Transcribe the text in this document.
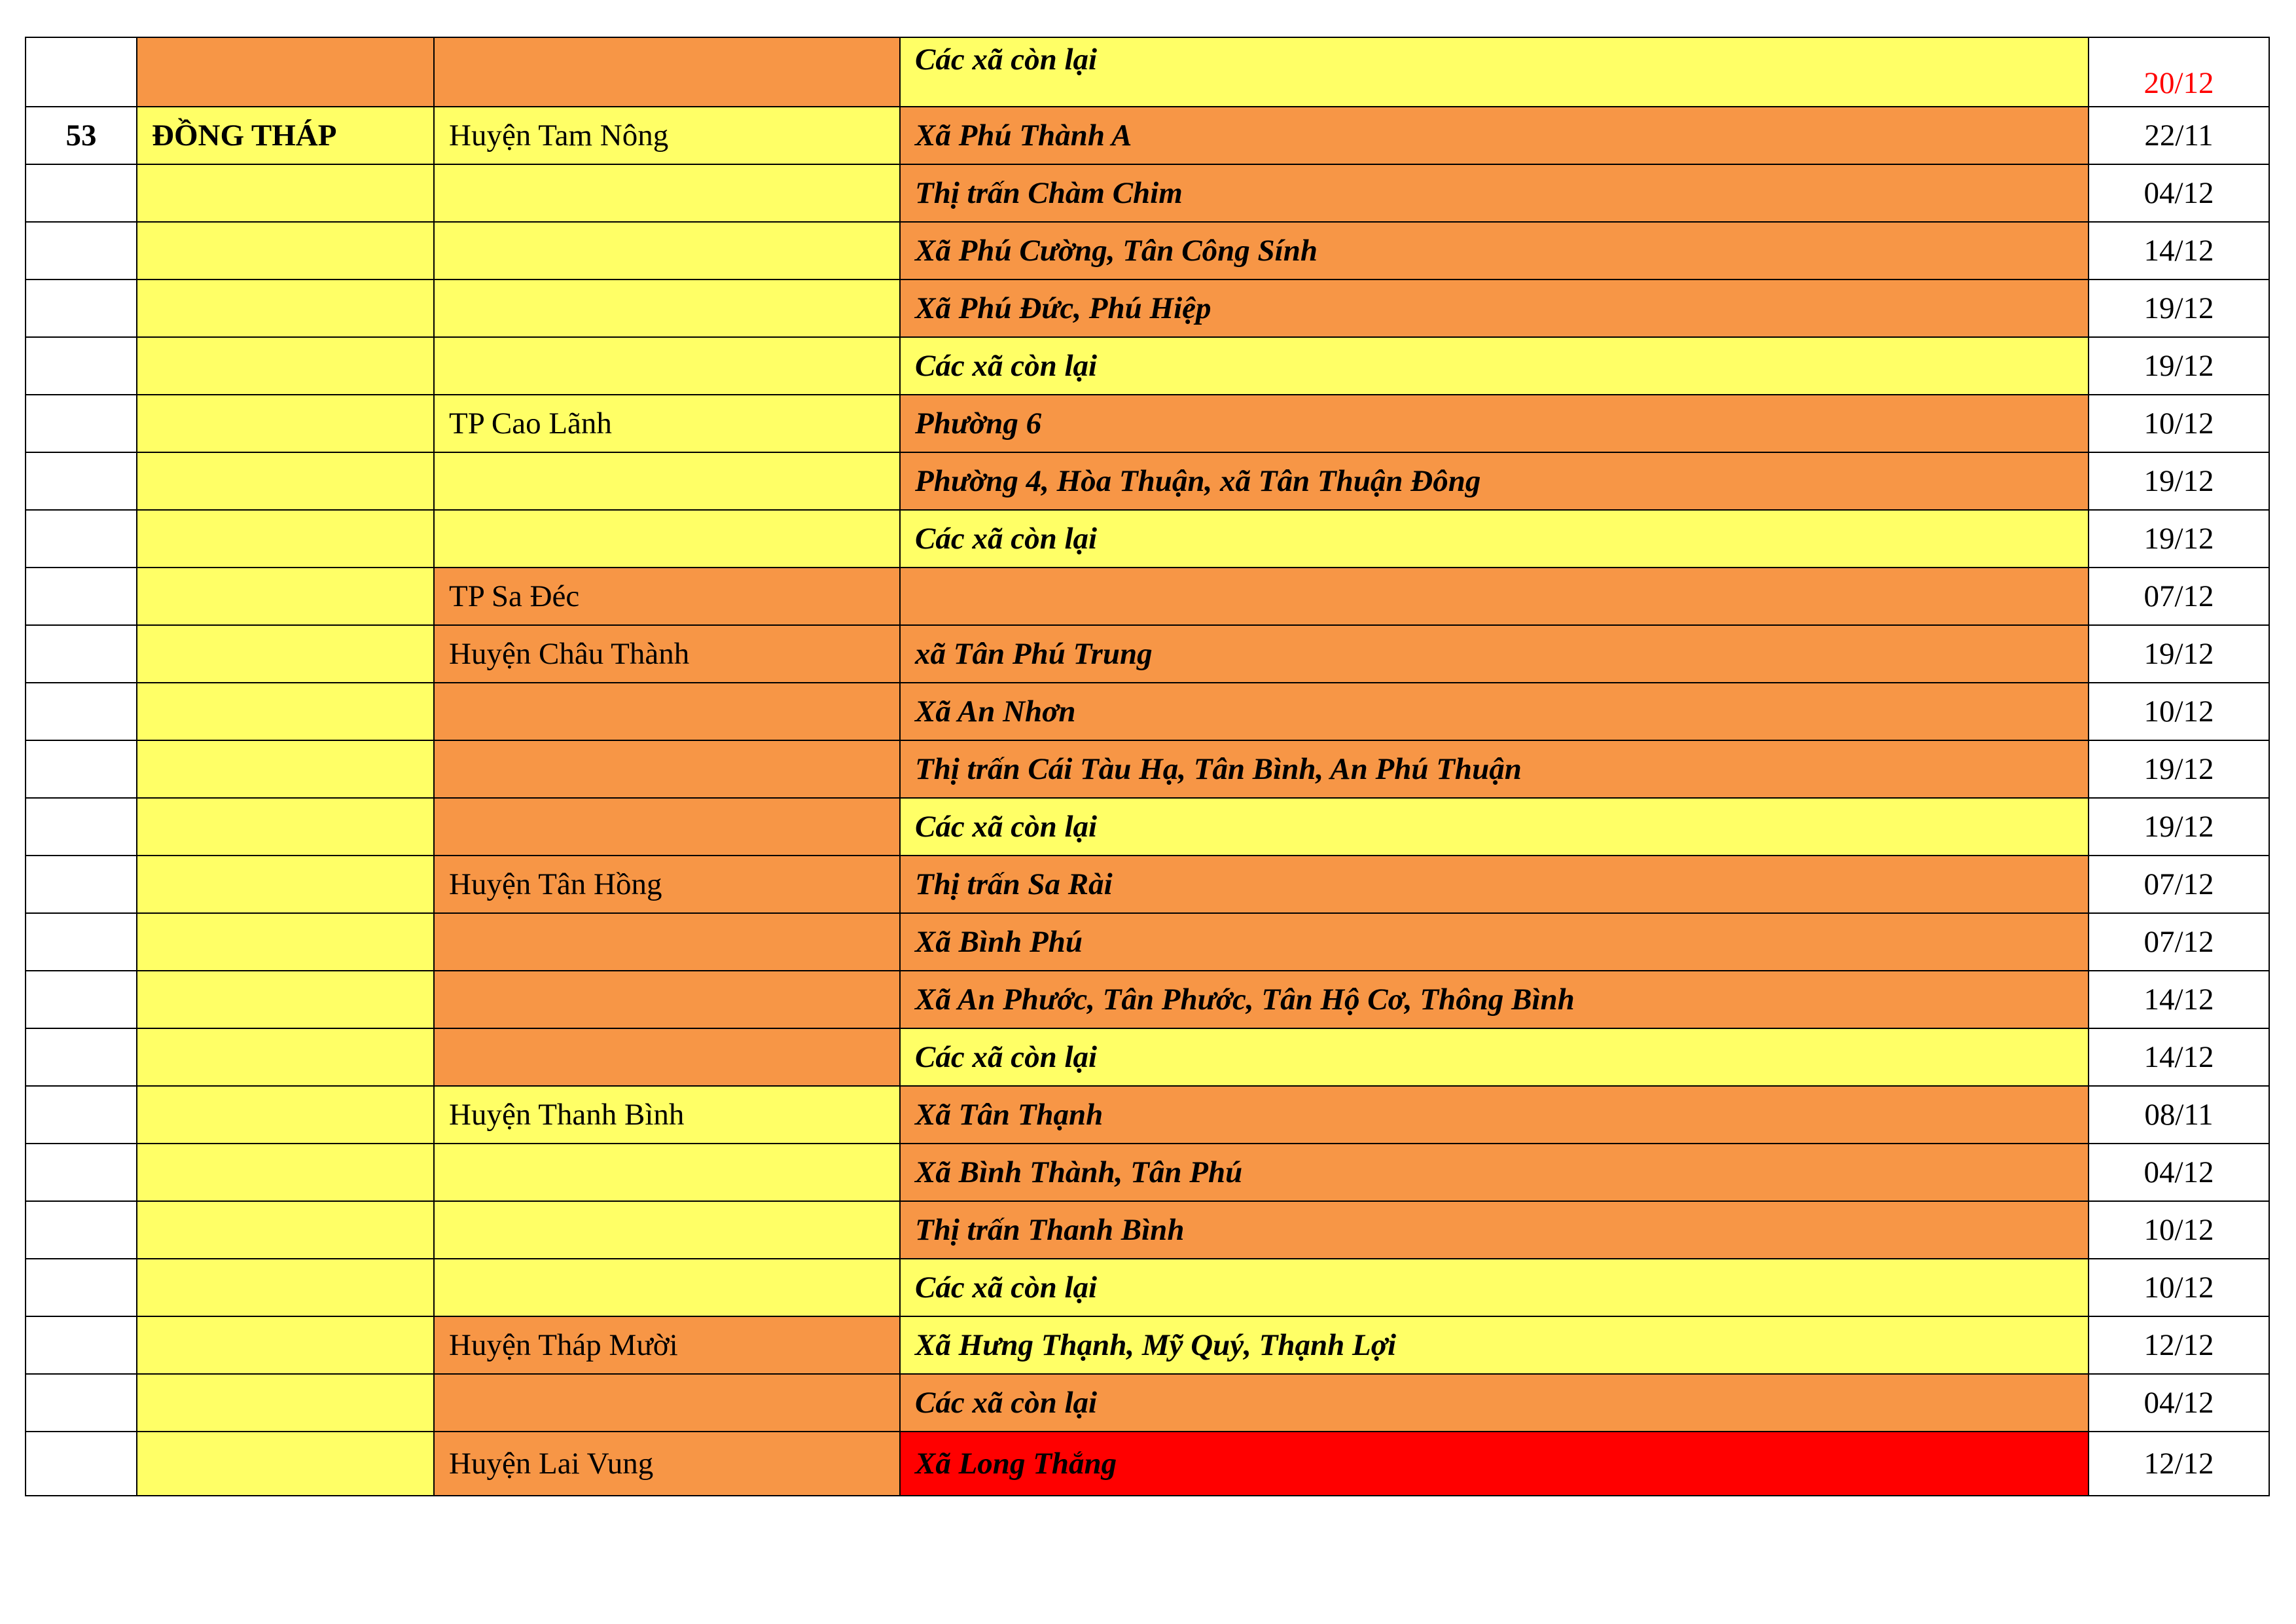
			Các xã còn lại	20/12
53	ĐỒNG THÁP	Huyện Tam Nông	Xã Phú Thành A	22/11
			Thị trấn Chàm Chim	04/12
			Xã Phú Cường, Tân Công Sính	14/12
			Xã Phú Đức, Phú Hiệp	19/12
			Các xã còn lại	19/12
		TP Cao Lãnh	Phường 6	10/12
			Phường 4, Hòa Thuận, xã Tân Thuận Đông	19/12
			Các xã còn lại	19/12
		TP Sa Đéc		07/12
		Huyện Châu Thành	xã Tân Phú Trung	19/12
			Xã An Nhơn	10/12
			Thị trấn Cái Tàu Hạ, Tân Bình, An Phú Thuận	19/12
			Các xã còn lại	19/12
		Huyện Tân Hồng	Thị trấn Sa Rài	07/12
			Xã Bình Phú	07/12
			Xã An Phước, Tân Phước, Tân Hộ Cơ, Thông Bình	14/12
			Các xã còn lại	14/12
		Huyện Thanh Bình	Xã Tân Thạnh	08/11
			Xã Bình Thành, Tân Phú	04/12
			Thị trấn Thanh Bình	10/12
			Các xã còn lại	10/12
		Huyện Tháp Mười	Xã Hưng Thạnh, Mỹ Quý, Thạnh Lợi	12/12
			Các xã còn lại	04/12
		Huyện Lai Vung	Xã Long Thắng	12/12
